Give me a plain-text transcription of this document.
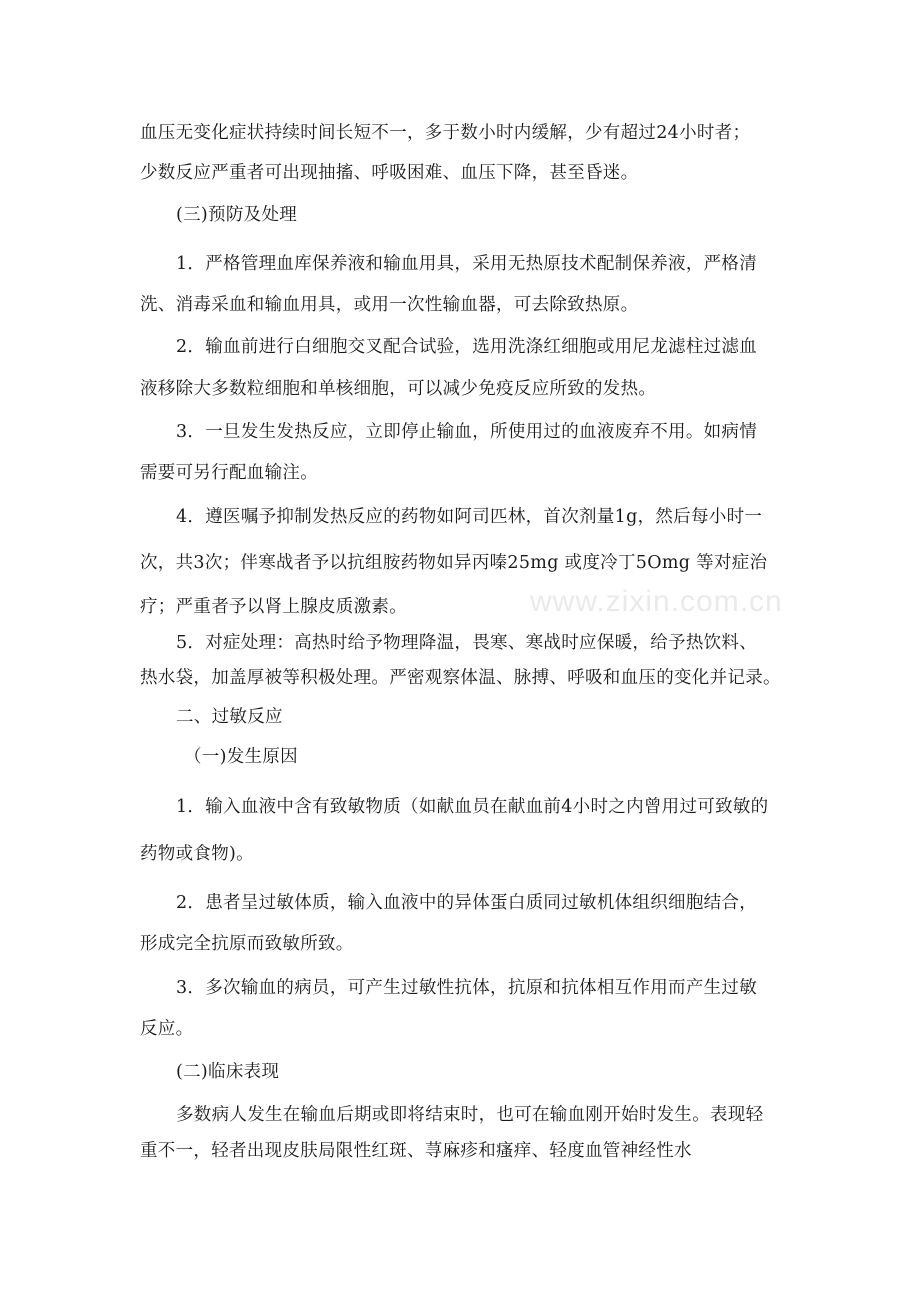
www.zixin.com.cn
血压无变化症状持续时间长短不一，多于数小时内缓解，少有超过24小时者；
少数反应严重者可出现抽搐、呼吸困难、血压下降，甚至昏迷。
(三)预防及处理
1．严格管理血库保养液和输血用具，采用无热原技术配制保养液，严格清
洗、消毒采血和输血用具，或用一次性输血器，可去除致热原。
2．输血前进行白细胞交叉配合试验，选用洗涤红细胞或用尼龙滤柱过滤血
液移除大多数粒细胞和单核细胞，可以减少免疫反应所致的发热。
3．一旦发生发热反应，立即停止输血，所使用过的血液废弃不用。如病情
需要可另行配血输注。
4．遵医嘱予抑制发热反应的药物如阿司匹林，首次剂量1g，然后每小时一
次，共3次；伴寒战者予以抗组胺药物如异丙嗪25mg 或度冷丁5Omg 等对症治
疗；严重者予以肾上腺皮质激素。
5．对症处理：高热时给予物理降温，畏寒、寒战时应保暖，给予热饮料、
热水袋，加盖厚被等积极处理。严密观察体温、脉搏、呼吸和血压的变化并记录。
二、过敏反应
（一)发生原因
1．输入血液中含有致敏物质（如献血员在献血前4小时之内曾用过可致敏的
药物或食物)。
2．患者呈过敏体质，输入血液中的异体蛋白质同过敏机体组织细胞结合，
形成完全抗原而致敏所致。
3．多次输血的病员，可产生过敏性抗体，抗原和抗体相互作用而产生过敏
反应。
(二)临床表现
多数病人发生在输血后期或即将结束时，也可在输血刚开始时发生。表现轻
重不一，轻者出现皮肤局限性红斑、荨麻疹和瘙痒、轻度血管神经性水
